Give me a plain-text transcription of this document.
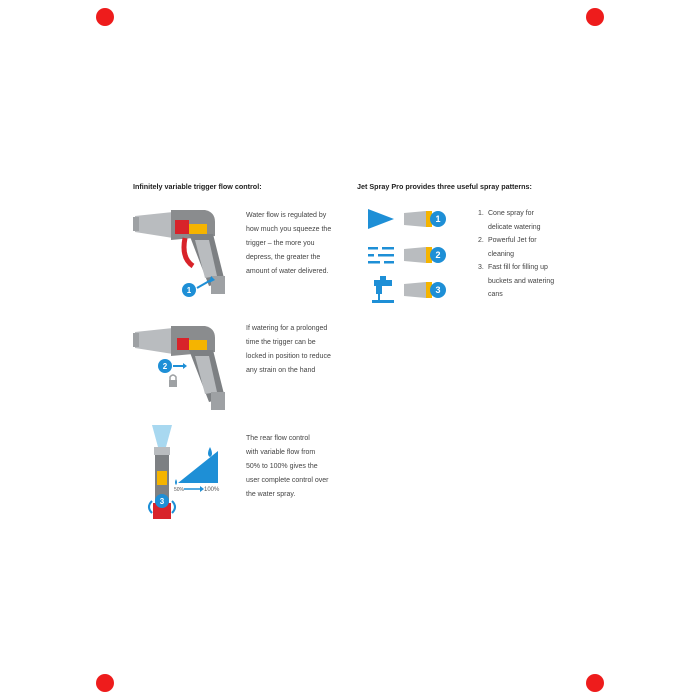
Infinitely variable trigger flow control:
1
Water flow is regulated by
how much you squeeze the
trigger – the more you
depress, the greater the
amount of water delivered.
2
If watering for a prolonged
time the trigger can be
locked in position to reduce
any strain on the hand
3
50%	100%
The rear flow control
with variable flow from
50% to 100% gives the
user complete control over
the water spray.
Jet Spray Pro provides three useful spray patterns:
1
2
3
1. Cone spray for
delicate watering
2. Powerful Jet for
cleaning
3. Fast fill for filling up
buckets and watering
cans
